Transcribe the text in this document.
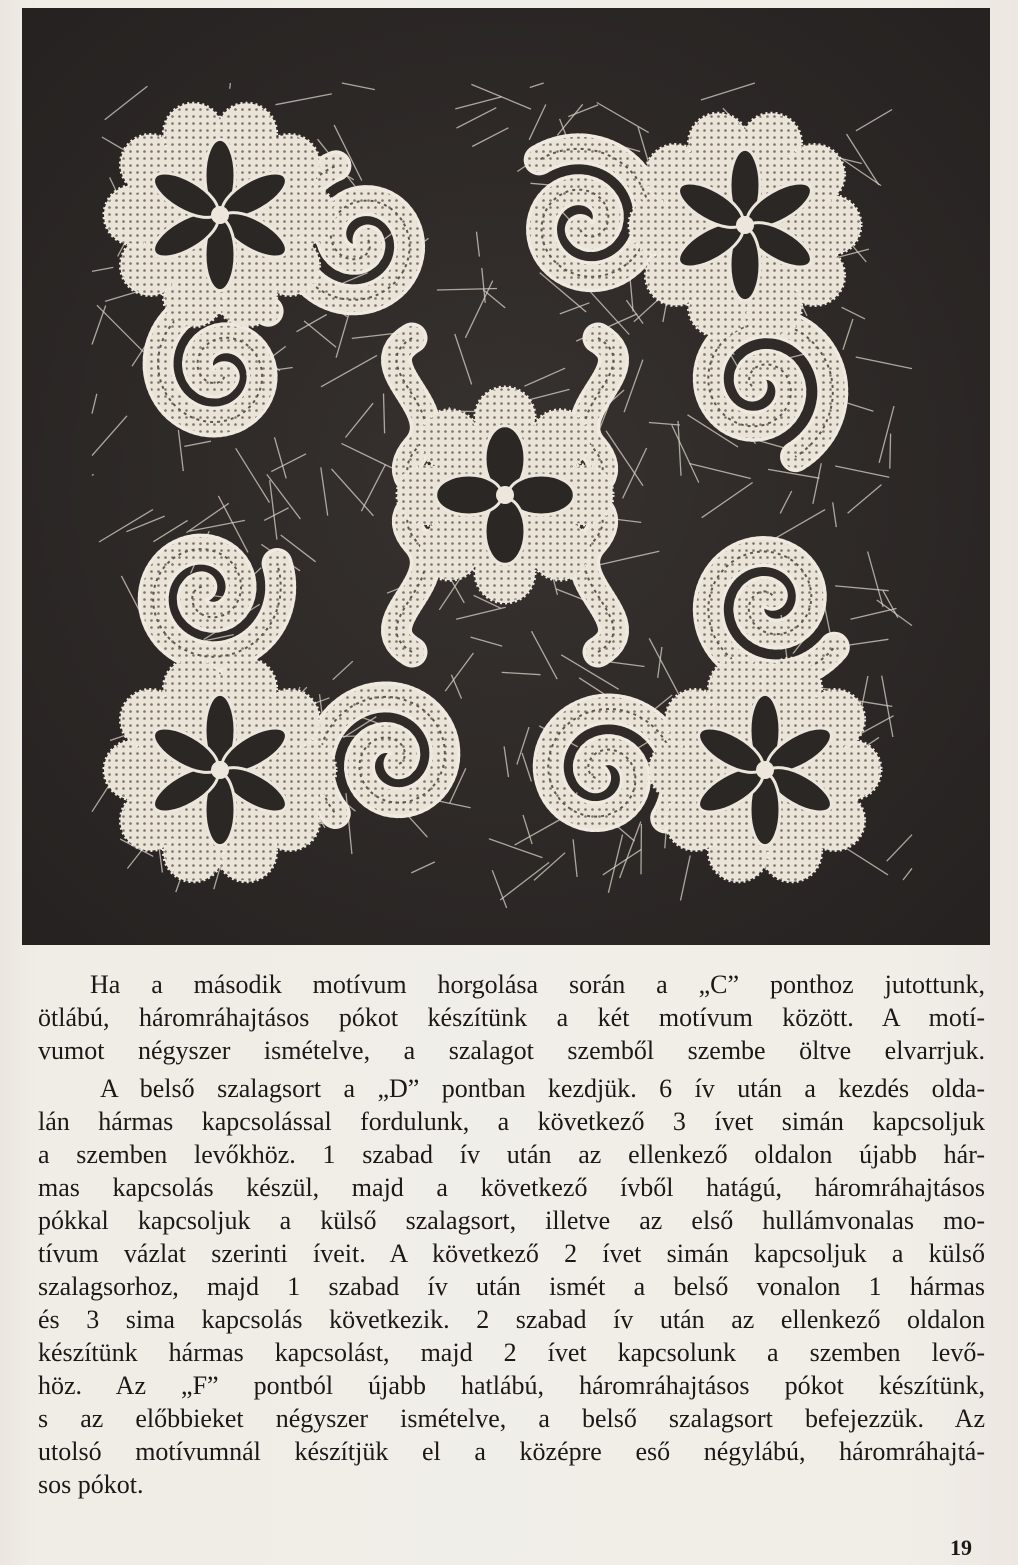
Ha a második motívum horgolása során a „C” ponthoz jutottunk,
ötlábú, háromráhajtásos pókot készítünk a két motívum között. A motí-
vumot négyszer ismételve, a szalagot szemből szembe öltve elvarrjuk.
A belső szalagsort a „D” pontban kezdjük. 6 ív után a kezdés olda-
lán hármas kapcsolással fordulunk, a következő 3 ívet simán kapcsoljuk
a szemben levőkhöz. 1 szabad ív után az ellenkező oldalon újabb hár-
mas kapcsolás készül, majd a következő ívből hatágú, háromráhajtásos
pókkal kapcsoljuk a külső szalagsort, illetve az első hullámvonalas mo-
tívum vázlat szerinti íveit. A következő 2 ívet simán kapcsoljuk a külső
szalagsorhoz, majd 1 szabad ív után ismét a belső vonalon 1 hármas
és 3 sima kapcsolás következik. 2 szabad ív után az ellenkező oldalon
készítünk hármas kapcsolást, majd 2 ívet kapcsolunk a szemben levő-
höz. Az „F” pontból újabb hatlábú, háromráhajtásos pókot készítünk,
s az előbbieket négyszer ismételve, a belső szalagsort befejezzük. Az
utolsó motívumnál készítjük el a középre eső négylábú, háromráhajtá-
sos pókot.
19
